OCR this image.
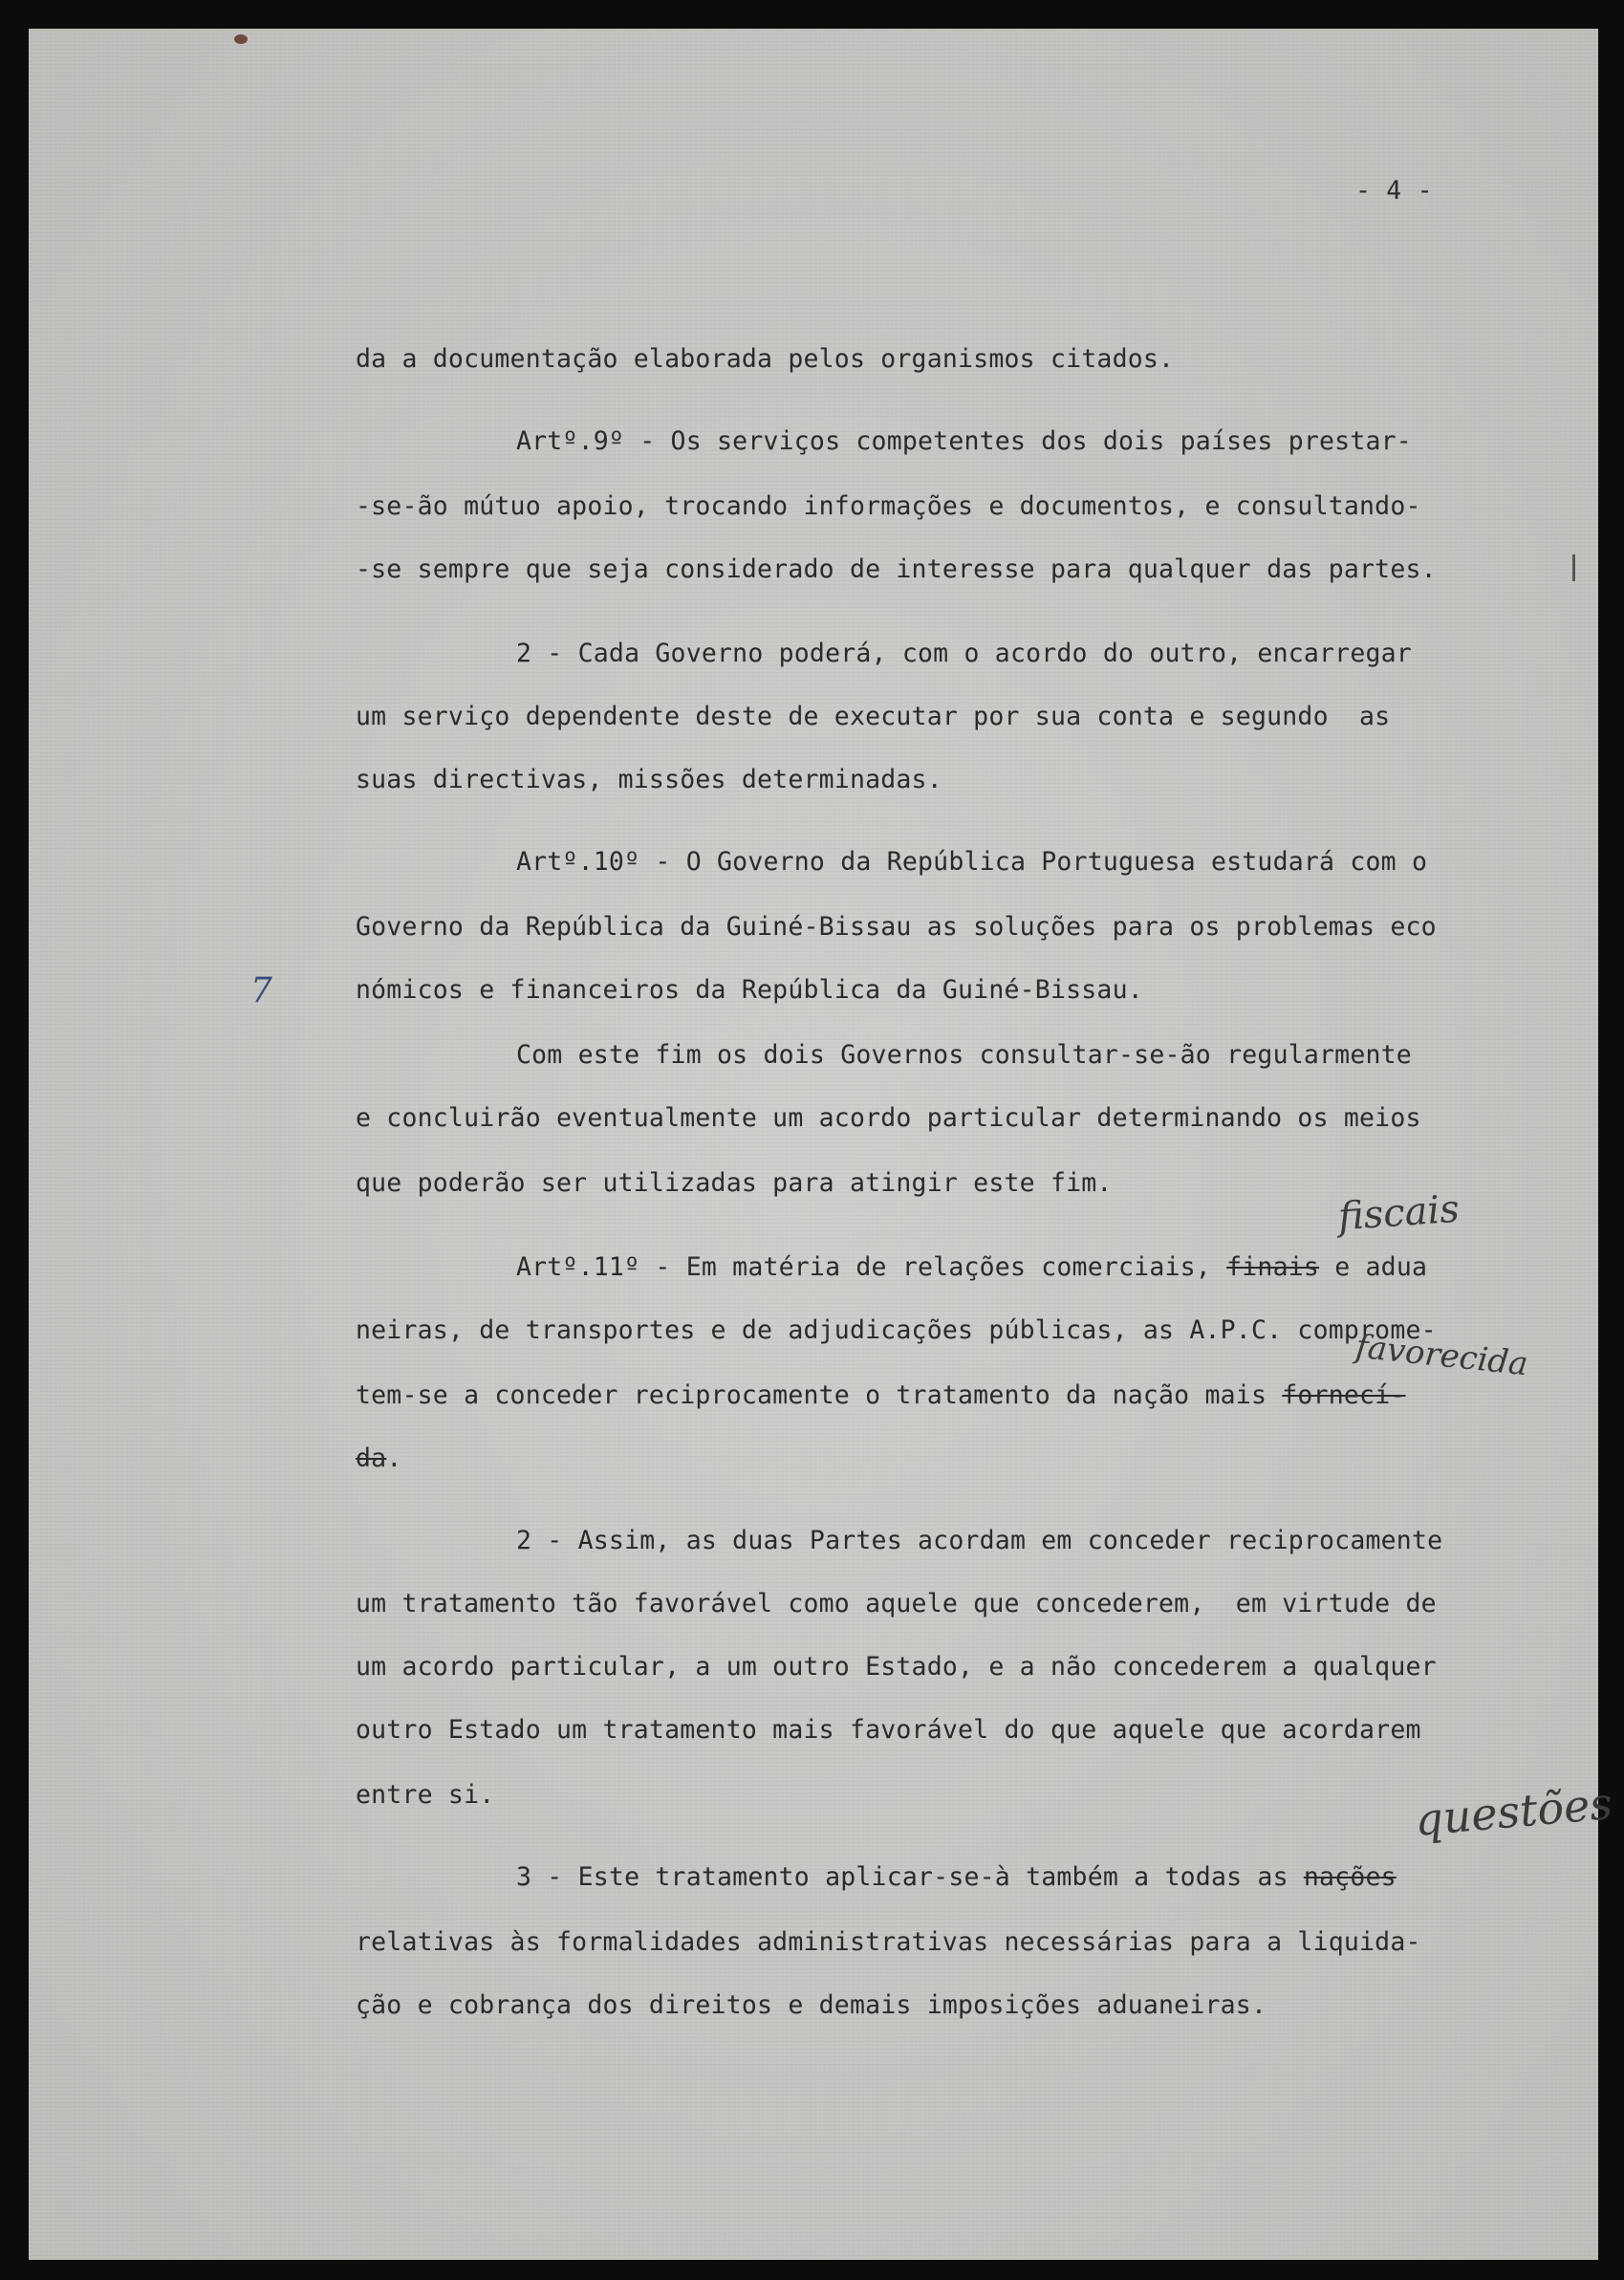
- 4 -

da a documentação elaborada pelos organismos citados.

Artº.9º - Os serviços competentes dos dois países prestar-

-se-ão mútuo apoio, trocando informações e documentos, e consultando-

-se sempre que seja considerado de interesse para qualquer das partes.

2 - Cada Governo poderá, com o acordo do outro, encarregar

um serviço dependente deste de executar por sua conta e segundo  as

suas directivas, missões determinadas.

Artº.10º - O Governo da República Portuguesa estudará com o

Governo da República da Guiné-Bissau as soluções para os problemas eco

nómicos e financeiros da República da Guiné-Bissau.

Com este fim os dois Governos consultar-se-ão regularmente

e concluirão eventualmente um acordo particular determinando os meios

que poderão ser utilizadas para atingir este fim.

Artº.11º - Em matéria de relações comerciais, finais e adua

neiras, de transportes e de adjudicações públicas, as A.P.C. comprome-

tem-se a conceder reciprocamente o tratamento da nação mais fornecí-

da.

2 - Assim, as duas Partes acordam em conceder reciprocamente

um tratamento tão favorável como aquele que concederem,  em virtude de

um acordo particular, a um outro Estado, e a não concederem a qualquer

outro Estado um tratamento mais favorável do que aquele que acordarem

entre si.

3 - Este tratamento aplicar-se-à também a todas as nações

relativas às formalidades administrativas necessárias para a liquida-

ção e cobrança dos direitos e demais imposições aduaneiras.

fiscais
favorecida
questões
7
